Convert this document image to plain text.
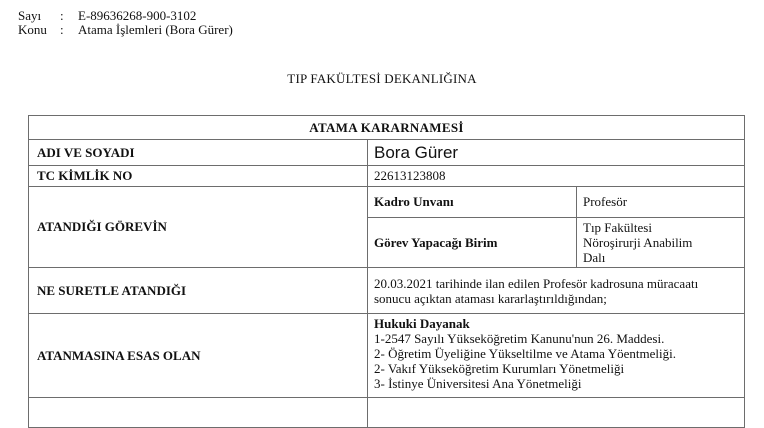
Sayı	:	E-89636268-900-3102
Konu	:	Atama İşlemleri (Bora Gürer)
TIP FAKÜLTESİ DEKANLIĞINA
ATAMA KARARNAMESİ		
ADI VE SOYADI	Bora Gürer	
TC KİMLİK NO	22613123808	
ATANDIĞI GÖREVİN	Kadro Unvanı	Profesör
	Görev Yapacağı Birim	Tıp Fakültesi
Nöroşirurji Anabilim
Dalı

NE SURETLE ATANDIĞI	20.03.2021 tarihinde ilan edilen Profesör kadrosuna müracaatı
sonucu açıktan ataması kararlaştırıldığından;	

ATANMASINA ESAS OLAN	Hukuki Dayanak
1-2547 Sayılı Yükseköğretim Kanunu'nun 26. Maddesi.
2- Öğretim Üyeliğine Yükseltilme ve Atama Yöentmeliği.
2- Vakıf Yükseköğretim Kurumları Yönetmeliği
3- İstinye Üniversitesi Ana Yönetmeliği	
